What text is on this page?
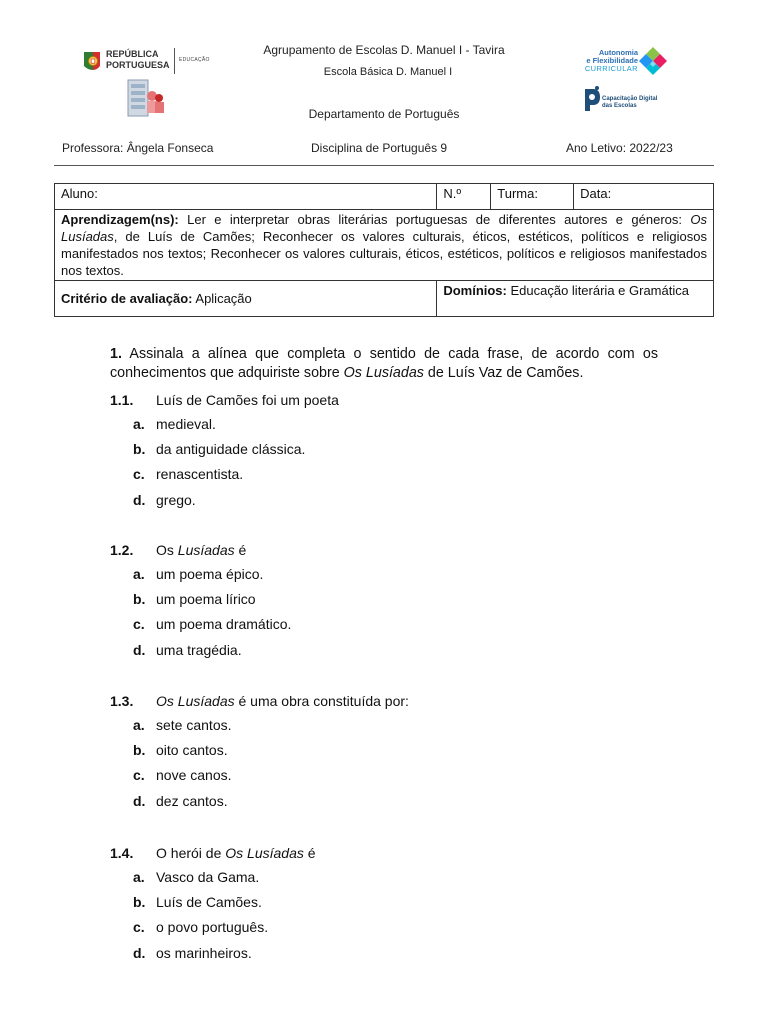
REPÚBLICA
PORTUGUESA EDUCAÇÃO
Agrupamento de Escolas D. Manuel I - Tavira
Escola Básica D. Manuel I
Departamento de Português
Autonomia
e Flexibilidade
CURRICULAR
Capacitação Digital
das Escolas
Professora: Ângela Fonseca	Disciplina de Português 9	Ano Letivo: 2022/23
Aluno:	N.º	Turma:	Data:
Aprendizagem(ns): Ler e interpretar obras literárias portuguesas de diferentes autores e géneros: Os Lusíadas, de Luís de Camões; Reconhecer os valores culturais, éticos, estéticos, políticos e religiosos manifestados nos textos; Reconhecer os valores culturais, éticos, estéticos, políticos e religiosos manifestados nos textos.			
Critério de avaliação: Aplicação	Domínios: Educação literária e Gramática		
1. Assinala a alínea que completa o sentido de cada frase, de acordo com os conhecimentos que adquiriste sobre Os Lusíadas de Luís Vaz de Camões.
1.1. Luís de Camões foi um poeta
a. medieval.
b. da antiguidade clássica.
c. renascentista.
d. grego.
1.2. Os Lusíadas é
a. um poema épico.
b. um poema lírico
c. um poema dramático.
d. uma tragédia.
1.3. Os Lusíadas é uma obra constituída por:
a. sete cantos.
b. oito cantos.
c. nove canos.
d. dez cantos.
1.4. O herói de Os Lusíadas é
a. Vasco da Gama.
b. Luís de Camões.
c. o povo português.
d. os marinheiros.
